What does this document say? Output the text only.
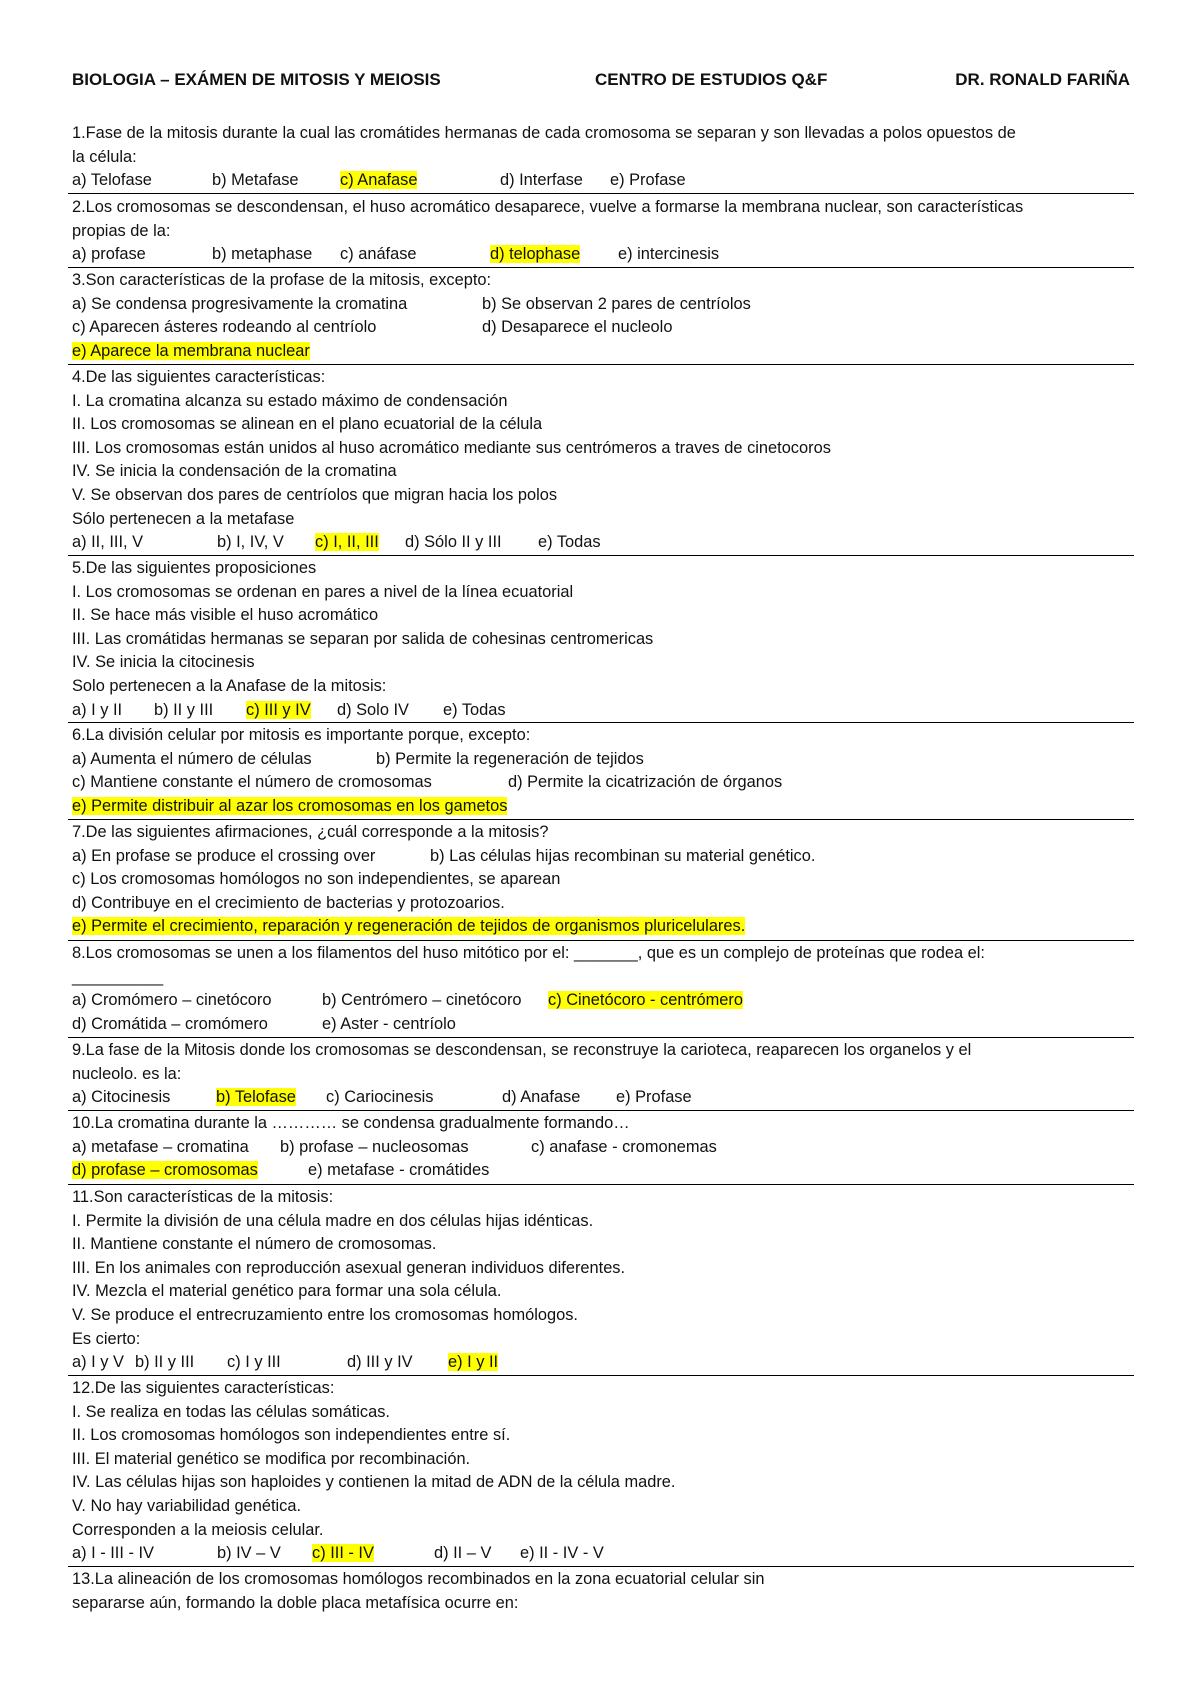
BIOLOGIA – EXÁMEN DE MITOSIS Y MEIOSIS	CENTRO DE ESTUDIOS Q&F	DR. RONALD FARIÑA
1.Fase de la mitosis durante la cual las cromátides hermanas de cada cromosoma se separan y son llevadas a polos opuestos de
la célula:
a) Telofase	b) Metafase	c) Anafase	d) Interfase e) Profase
2.Los cromosomas se descondensan, el huso acromático desaparece, vuelve a formarse la membrana nuclear, son características
propias de la:
a) profase	b) metaphase c) anáfase	d) telophase e) intercinesis
3.Son características de la profase de la mitosis, excepto:
a) Se condensa progresivamente la cromatina	b) Se observan 2 pares de centríolos
c) Aparecen ásteres rodeando al centríolo	d) Desaparece el nucleolo
e) Aparece la membrana nuclear
4.De las siguientes características:
I. La cromatina alcanza su estado máximo de condensación
II. Los cromosomas se alinean en el plano ecuatorial de la célula
III. Los cromosomas están unidos al huso acromático mediante sus centrómeros a traves de cinetocoros
IV. Se inicia la condensación de la cromatina
V. Se observan dos pares de centríolos que migran hacia los polos
Sólo pertenecen a la metafase
a) II, III, V	b) I, IV, V c) I, II, III d) Sólo II y III e) Todas
5.De las siguientes proposiciones
I. Los cromosomas se ordenan en pares a nivel de la línea ecuatorial
II. Se hace más visible el huso acromático
III. Las cromátidas hermanas se separan por salida de cohesinas centromericas
IV. Se inicia la citocinesis
Solo pertenecen a la Anafase de la mitosis:
a) I y II b) II y III c) III y IV d) Solo IV e) Todas
6.La división celular por mitosis es importante porque, excepto:
a) Aumenta el número de células	b) Permite la regeneración de tejidos
c) Mantiene constante el número de cromosomas	d) Permite la cicatrización de órganos
e) Permite distribuir al azar los cromosomas en los gametos
7.De las siguientes afirmaciones, ¿cuál corresponde a la mitosis?
a) En profase se produce el crossing over	b) Las células hijas recombinan su material genético.
c) Los cromosomas homólogos no son independientes, se aparean
d) Contribuye en el crecimiento de bacterias y protozoarios.
e) Permite el crecimiento, reparación y regeneración de tejidos de organismos pluricelulares.
8.Los cromosomas se unen a los filamentos del huso mitótico por el: _______, que es un complejo de proteínas que rodea el:
__________
a) Cromómero – cinetócoro	b) Centrómero – cinetócoro c) Cinetócoro - centrómero
d) Cromátida – cromómero	e) Aster - centríolo
9.La fase de la Mitosis donde los cromosomas se descondensan, se reconstruye la carioteca, reaparecen los organelos y el
nucleolo. es la:
a) Citocinesis	b) Telofase c) Cariocinesis	d) Anafase e) Profase
10.La cromatina durante la ………… se condensa gradualmente formando…
a) metafase – cromatina b) profase – nucleosomas	c) anafase - cromonemas
d) profase – cromosomas	e) metafase - cromátides
11.Son características de la mitosis:
I. Permite la división de una célula madre en dos células hijas idénticas.
II. Mantiene constante el número de cromosomas.
III. En los animales con reproducción asexual generan individuos diferentes.
IV. Mezcla el material genético para formar una sola célula.
V. Se produce el entrecruzamiento entre los cromosomas homólogos.
Es cierto:
a) I y V b) II y III c) I y III	d) III y IV e) I y II
12.De las siguientes características:
I. Se realiza en todas las células somáticas.
II. Los cromosomas homólogos son independientes entre sí.
III. El material genético se modifica por recombinación.
IV. Las células hijas son haploides y contienen la mitad de ADN de la célula madre.
V. No hay variabilidad genética.
Corresponden a la meiosis celular.
a) I - III - IV	b) IV – V c) III - IV	d) II – V e) II - IV - V
13.La alineación de los cromosomas homólogos recombinados en la zona ecuatorial celular sin
separarse aún, formando la doble placa metafísica ocurre en:
